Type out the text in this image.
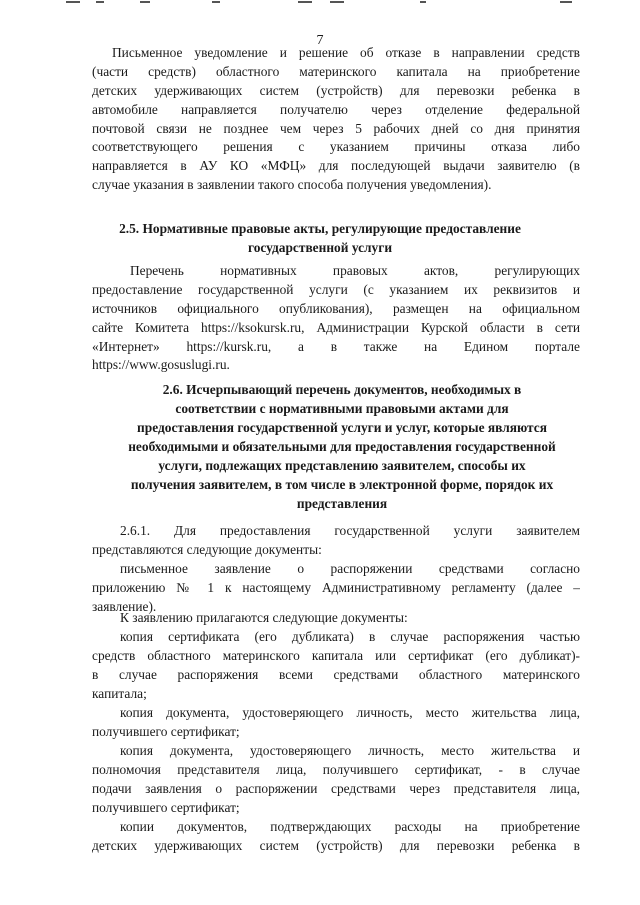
7
Письменное уведомление и решение об отказе в направлении средств
(части средств) областного материнского капитала на приобретение
детских удерживающих систем (устройств) для перевозки ребенка в
автомобиле направляется получателю через отделение федеральной
почтовой связи не позднее чем через 5 рабочих дней со дня принятия
соответствующего решения с указанием причины отказа либо
направляется в АУ КО «МФЦ» для последующей выдачи заявителю (в
случае указания в заявлении такого способа получения уведомления).
2.5. Нормативные правовые акты, регулирующие предоставление
государственной услуги
Перечень нормативных правовых актов, регулирующих
предоставление государственной услуги (с указанием их реквизитов и
источников официального опубликования), размещен на официальном
сайте Комитета https://ksokursk.ru, Администрации Курской области в сети
«Интернет» https://kursk.ru, а в также на Едином портале
https://www.gosuslugi.ru.
2.6. Исчерпывающий перечень документов, необходимых в
соответствии с нормативными правовыми актами для
предоставления государственной услуги и услуг, которые являются
необходимыми и обязательными для предоставления государственной
услуги, подлежащих представлению заявителем, способы их
получения заявителем, в том числе в электронной форме, порядок их
представления
2.6.1. Для предоставления государственной услуги заявителем
представляются следующие документы:
письменное заявление о распоряжении средствами согласно
приложению № 1 к настоящему Административному регламенту (далее –
заявление).
К заявлению прилагаются следующие документы:
копия сертификата (его дубликата) в случае распоряжения частью
средств областного материнского капитала или сертификат (его дубликат)-
в случае распоряжения всеми средствами областного материнского
капитала;
копия документа, удостоверяющего личность, место жительства лица,
получившего сертификат;
копия документа, удостоверяющего личность, место жительства и
полномочия представителя лица, получившего сертификат, - в случае
подачи заявления о распоряжении средствами через представителя лица,
получившего сертификат;
копии документов, подтверждающих расходы на приобретение
детских удерживающих систем (устройств) для перевозки ребенка в
